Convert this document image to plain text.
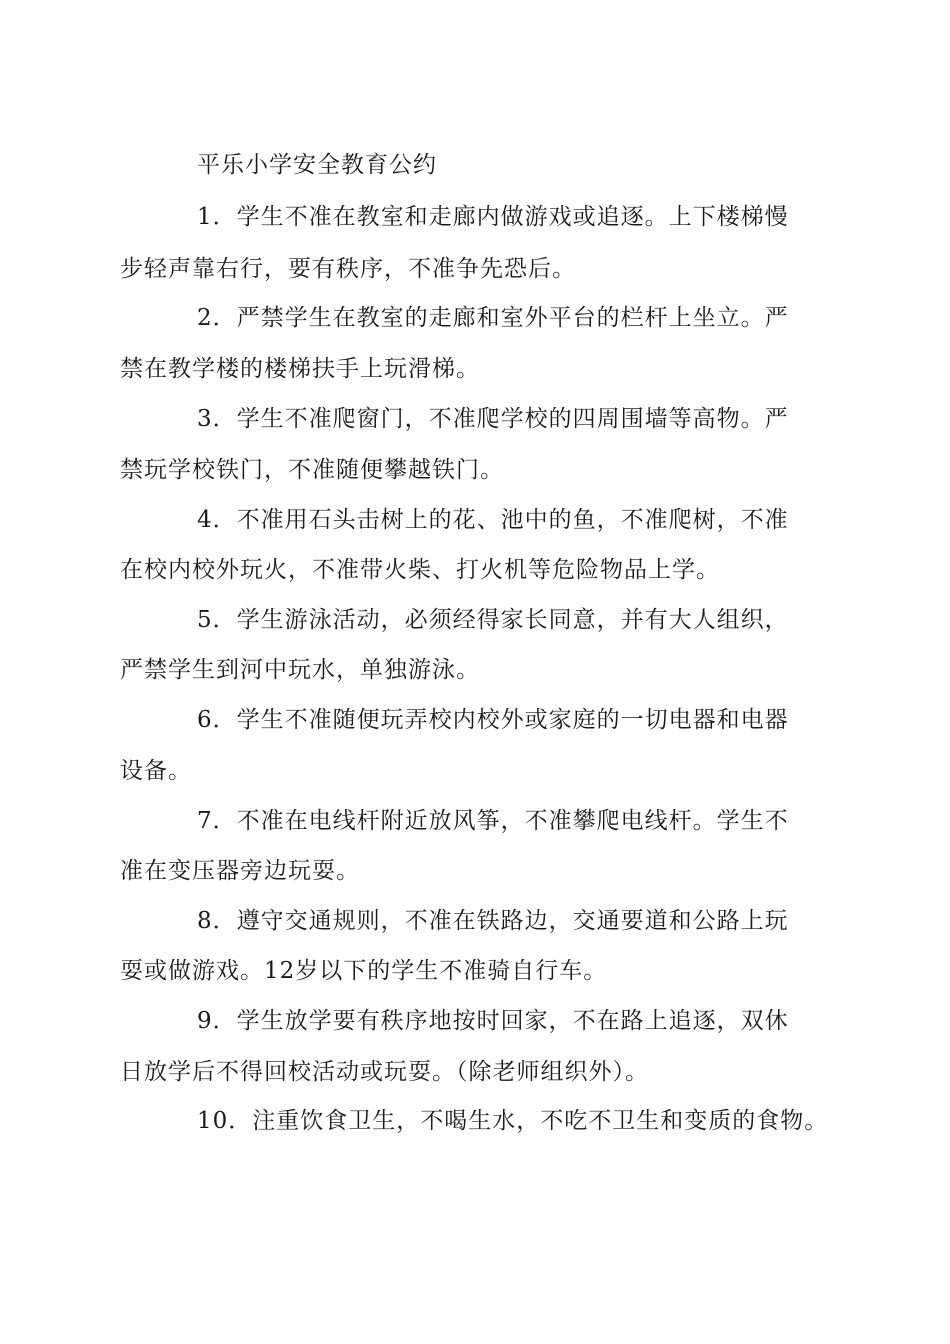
平乐小学安全教育公约
1．学生不准在教室和走廊内做游戏或追逐。上下楼梯慢
步轻声靠右行，要有秩序，不准争先恐后。
2．严禁学生在教室的走廊和室外平台的栏杆上坐立。严
禁在教学楼的楼梯扶手上玩滑梯。
3．学生不准爬窗门，不准爬学校的四周围墙等高物。严
禁玩学校铁门，不准随便攀越铁门。
4．不准用石头击树上的花、池中的鱼，不准爬树，不准
在校内校外玩火，不准带火柴、打火机等危险物品上学。
5．学生游泳活动，必须经得家长同意，并有大人组织，
严禁学生到河中玩水，单独游泳。
6．学生不准随便玩弄校内校外或家庭的一切电器和电器
设备。
7．不准在电线杆附近放风筝，不准攀爬电线杆。学生不
准在变压器旁边玩耍。
8．遵守交通规则，不准在铁路边，交通要道和公路上玩
耍或做游戏。12岁以下的学生不准骑自行车。
9．学生放学要有秩序地按时回家，不在路上追逐，双休
日放学后不得回校活动或玩耍。（除老师组织外）。
10．注重饮食卫生，不喝生水，不吃不卫生和变质的食物。
